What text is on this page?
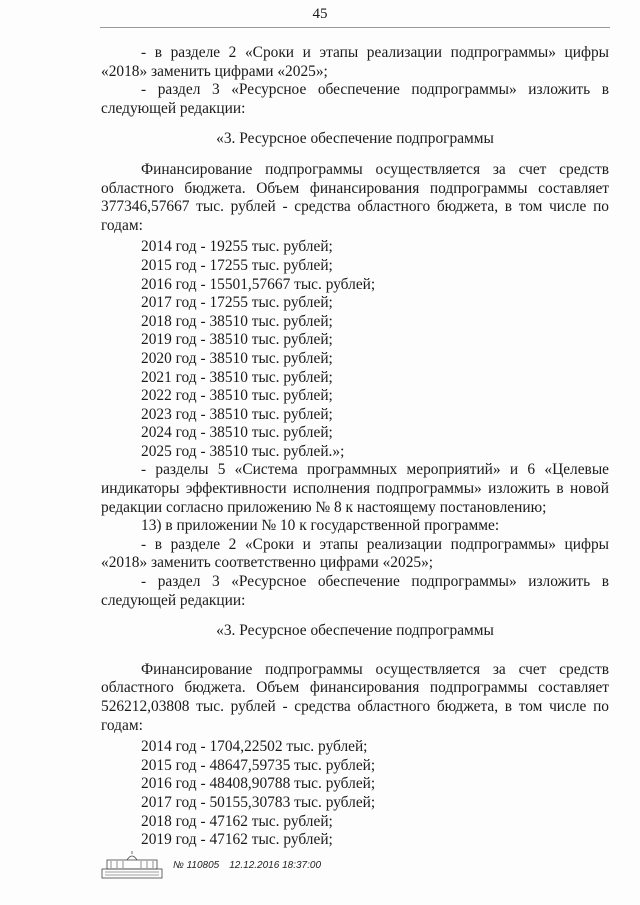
45
- в разделе 2 «Сроки и этапы реализации подпрограммы» цифры
«2018» заменить цифрами «2025»;
- раздел 3 «Ресурсное обеспечение подпрограммы» изложить в
следующей редакции:
«3. Ресурсное обеспечение подпрограммы
Финансирование подпрограммы осуществляется за счет средств
областного бюджета. Объем финансирования подпрограммы составляет
377346,57667 тыс. рублей - средства областного бюджета, в том числе по
годам:
2014 год - 19255 тыс. рублей;
2015 год - 17255 тыс. рублей;
2016 год - 15501,57667 тыс. рублей;
2017 год - 17255 тыс. рублей;
2018 год - 38510 тыс. рублей;
2019 год - 38510 тыс. рублей;
2020 год - 38510 тыс. рублей;
2021 год - 38510 тыс. рублей;
2022 год - 38510 тыс. рублей;
2023 год - 38510 тыс. рублей;
2024 год - 38510 тыс. рублей;
2025 год - 38510 тыс. рублей.»;
- разделы 5 «Система программных мероприятий» и 6 «Целевые
индикаторы эффективности исполнения подпрограммы» изложить в новой
редакции согласно приложению № 8 к настоящему постановлению;
13) в приложении № 10 к государственной программе:
- в разделе 2 «Сроки и этапы реализации подпрограммы» цифры
«2018» заменить соответственно цифрами «2025»;
- раздел 3 «Ресурсное обеспечение подпрограммы» изложить в
следующей редакции:
«3. Ресурсное обеспечение подпрограммы
Финансирование подпрограммы осуществляется за счет средств
областного бюджета. Объем финансирования подпрограммы составляет
526212,03808 тыс. рублей - средства областного бюджета, в том числе по
годам:
2014 год - 1704,22502 тыс. рублей;
2015 год - 48647,59735 тыс. рублей;
2016 год - 48408,90788 тыс. рублей;
2017 год - 50155,30783 тыс. рублей;
2018 год - 47162 тыс. рублей;
2019 год - 47162 тыс. рублей;
№ 110805 12.12.2016 18:37:00
